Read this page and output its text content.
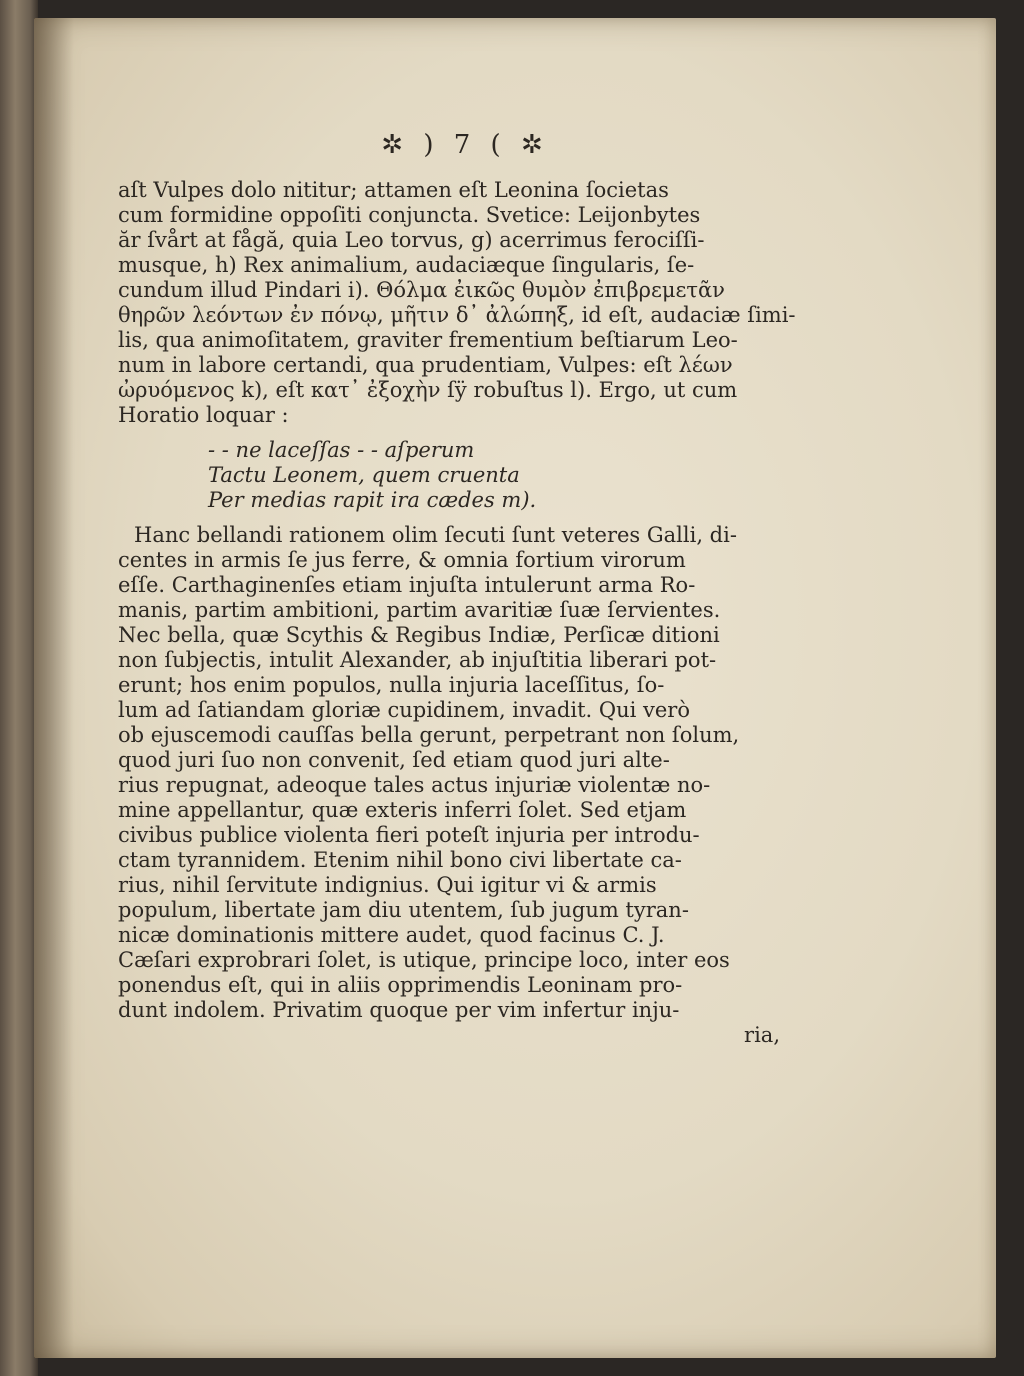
✲ ) 7 ( ✲
aſt Vulpes dolo nititur; attamen eſt Leonina ſocietas
cum formidine oppoſiti conjuncta. Svetice: Leijonbytes
ăr ſvårt at fågă, quia Leo torvus, g) acerrimus ferociſſi-
musque, h) Rex animalium, audaciæque ſingularis, ſe-
cundum illud Pindari i). Θόλμα ἐικῶς θυμὸν ἐπιβρεμετᾶν
θηρῶν λεόντων ἐν πόνῳ, μῆτιν δ᾽ ἀλώπηξ, id eſt, audaciæ ſimi-
lis, qua animoſitatem, graviter frementium beſtiarum Leo-
num in labore certandi, qua prudentiam, Vulpes: eſt λέων
ὠρυόμενος k), eſt κατ᾽ ἐξοχὴν ſÿ robuſtus l). Ergo, ut cum
Horatio loquar :
- - ne laceſſas - - aſperum
Tactu Leonem, quem cruenta
Per medias rapit ira cædes m).
Hanc bellandi rationem olim ſecuti ſunt veteres Galli, di-
centes in armis ſe jus ferre, & omnia fortium virorum
eſſe. Carthaginenſes etiam injuſta intulerunt arma Ro-
manis, partim ambitioni, partim avaritiæ ſuæ ſervientes.
Nec bella, quæ Scythis & Regibus Indiæ, Perſicæ ditioni
non ſubjectis, intulit Alexander, ab injuſtitia liberari pot-
erunt; hos enim populos, nulla injuria laceſſitus, ſo-
lum ad ſatiandam gloriæ cupidinem, invadit. Qui verò
ob ejuscemodi cauſſas bella gerunt, perpetrant non ſolum,
quod juri ſuo non convenit, ſed etiam quod juri alte-
rius repugnat, adeoque tales actus injuriæ violentæ no-
mine appellantur, quæ exteris inferri ſolet. Sed etjam
civibus publice violenta fieri poteſt injuria per introdu-
ctam tyrannidem. Etenim nihil bono civi libertate ca-
rius, nihil ſervitute indignius. Qui igitur vi & armis
populum, libertate jam diu utentem, ſub jugum tyran-
nicæ dominationis mittere audet, quod facinus C. J.
Cæſari exprobrari ſolet, is utique, principe loco, inter eos
ponendus eſt, qui in aliis opprimendis Leoninam pro-
dunt indolem. Privatim quoque per vim infertur inju-
ria,
